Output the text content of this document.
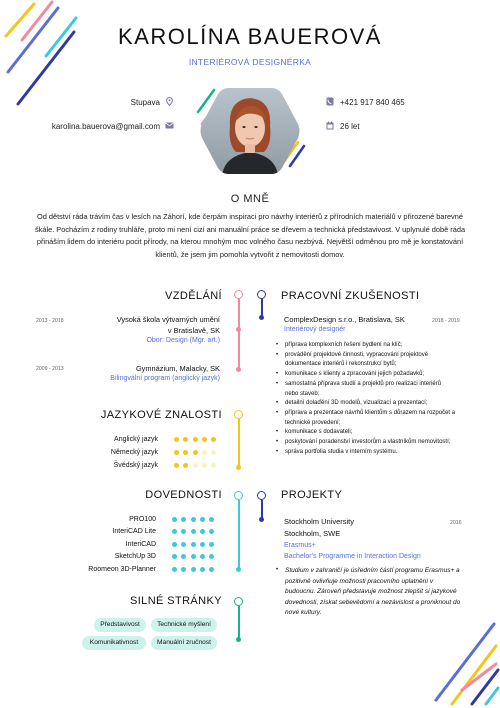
KAROLÍNA BAUEROVÁ
INTERIÉROVÁ DESIGNÉRKA
Stupava
karolina.bauerova@gmail.com
+421 917 840 465
26 let
O MNĚ
Od dětství ráda trávím čas v lesích na Záhorí, kde čerpám inspiraci pro návrhy interiérů z přírodních materiálů v přirozené barevné škále. Pocházím z rodiny truhláře, proto mi není cizí ani manuální práce se dřevem a technická představivost. V uplynulé době ráda přináším lidem do interiéru pocit přírody, na kterou mnohým moc volného času nezbývá. Největší odměnou pro mě je konstatování klientů, že jsem jim pomohla vytvořit z nemovitosti domov.
VZDĚLÁNÍ
2013 - 2018	Vysoká škola výtvarných umění
v Bratislavě, SK
Obor: Design (Mgr. art.)
2009 - 2013	Gymnázium, Malacky, SK
Bilingvální program (anglický jazyk)
PRACOVNÍ ZKUŠENOSTI
ComplexDesign s.r.o., Bratislava, SK	2018 - 2019
Interiérový designér
• příprava komplexních řešení bydlení na klíč;
• provádění projektové činnosti, vypracování projektové dokumentace interiérů i rekonstrukcí bytů;
• komunikace s klienty a zpracování jejich požadavků;
• samostatná příprava studií a projektů pro realizaci interiérů nebo staveb;
• detailní dolaďění 3D modelů, vizualizací a prezentací;
• příprava a prezentace návrhů klientům s důrazem na rozpočet a technické provedení;
• komunikace s dodavateli;
• poskytování poradenství investorům a vlastníkům nemovitostí;
• správa portfolia studia v interním systému.
JAZYKOVÉ ZNALOSTI
Anglický jazyk
Německý jazyk
Švédský jazyk
DOVEDNOSTI
PRO100
InteriCAD Lite
InteriCAD
SketchUp 3D
Roomeon 3D-Planner
PROJEKTY
Stockholm University
Stockholm, SWE
2016
Erasmus+
Bachelor's Programme in Interaction Design
•	Studium v zahraničí je úsředním částí programu Erasmus+ a pozitivně ovlivňuje možnosti pracovního uplatnění v budoucnu. Zároveň představuje možnost zlepšit si jazykové dovednosti, získat sebevědomí a nezávislost a proniknout do nové kultury.
SILNÉ STRÁNKY
Představivost	Technické myšlení
Komunikativnost	Manuální zručnost
